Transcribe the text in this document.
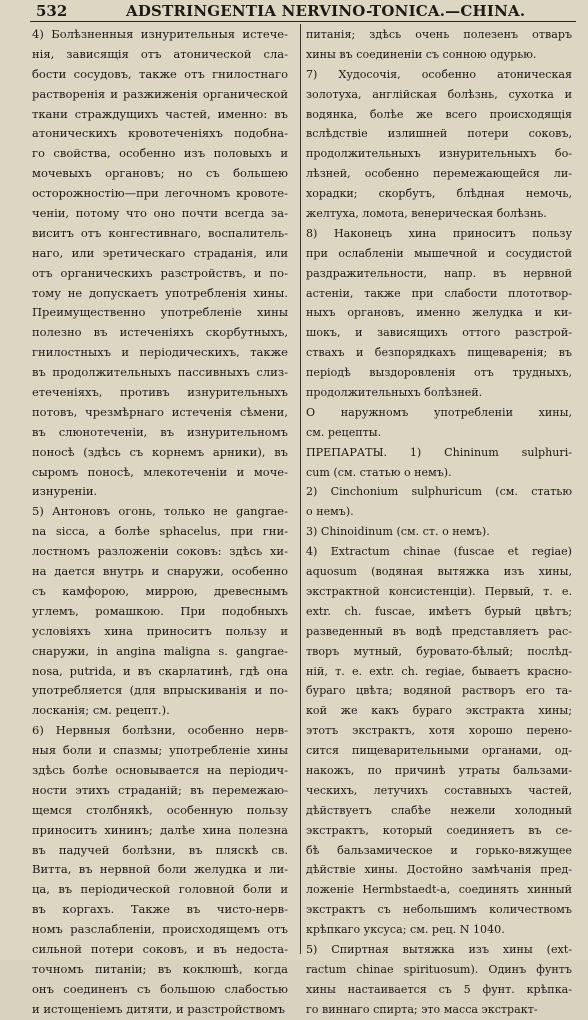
532	ADSTRINGENTIA NERVINO-TONICA.—CHINA.
4) Болѣзненныя изнурительныя истече-
нія, зависящія отъ атонической сла-
бости сосудовъ, также отъ гнилостнаго
растворенія и разжиженія органической
ткани страждущихъ частей, именно: въ
атоническихъ кровотеченіяхъ подобна-
го свойства, особенно изъ половыхъ и
мочевыхъ органовъ; но съ большею
осторожностію—при легочномъ кровоте-
ченіи, потому что оно почти всегда за-
виситъ отъ конгестивнаго, воспалитель-
наго, или эретическаго страданія, или
отъ органическихъ разстройствъ, и по-
тому не допускаетъ употребленія хины.
Преимущественно употребленіе хины
полезно въ истеченіяхъ скорбутныхъ,
гнилостныхъ и періодическихъ, также
въ продолжительныхъ пассивныхъ слиз-
етеченіяхъ, противъ изнурительныхъ
потовъ, чрезмѣрнаго истеченія сѣмени,
въ слюнотеченіи, въ изнурительномъ
поносѣ (здѣсь съ корнемъ арники), въ
сыромъ поносѣ, млекотеченіи и моче-
изнуреніи.
5) Антоновъ огонь, только не gangrae-
na sicca, а болѣе sphacelus, при гни-
лостномъ разложеніи соковъ: здѣсь хи-
на дается внутрь и снаружи, особенно
съ камфорою, миррою, древеснымъ
углемъ, ромашкою. При подобныхъ
условіяхъ хина приноситъ пользу и
снаружи, in angina maligna s. gangrae-
nosa, putrida, и въ скарлатинѣ, гдѣ она
употребляется (для впрыскиванія и по-
лосканія; см. рецепт.).
6) Нервныя болѣзни, особенно нерв-
ныя боли и спазмы; употребленіе хины
здѣсь болѣе основывается на періодич-
ности этихъ страданій; въ перемежаю-
щемся столбнякѣ, особенную пользу
приноситъ хининъ; далѣе хина полезна
въ падучей болѣзни, въ пляскѣ св.
Витта, въ нервной боли желудка и ли-
ца, въ періодической головной боли и
въ коргахъ. Также въ чисто-нерв-
номъ разслабленіи, происходящемъ отъ
сильной потери соковъ, и въ недоста-
точномъ питаніи; въ коклюшѣ, когда
онъ соединенъ съ большою слабостью
и истощеніемъ дитяти, и разстройствомъ
питанія; здѣсь очень полезенъ отваръ
хины въ соединеніи съ сонною одурью.
7) Худосочія, особенно атоническая
золотуха, англійская болѣзнь, сухотка и
водянка, болѣе же всего происходящія
вслѣдствіе излишней потери соковъ,
продолжительныхъ изнурительныхъ бо-
лѣзней, особенно перемежающейся ли-
хорадки; скорбутъ, блѣдная немочь,
желтуха, ломота, венерическая болѣзнь.
8) Наконецъ хина приноситъ пользу
при ослабленіи мышечной и сосудистой
раздражительности, напр. въ нервной
астеніи, также при слабости плототвор-
ныхъ органовъ, именно желудка и ки-
шокъ, и зависящихъ оттого разстрой-
ствахъ и безпорядкахъ пищеваренія; въ
періодѣ выздоровленія отъ трудныхъ,
продолжительныхъ болѣзней.
О наружномъ употребленіи хины,
см. рецепты.
ПРЕПАРАТЫ. 1) Chininum sulphuri-
cum (см. статью о немъ).
2) Cinchonium sulphuricum (см. статью
о немъ).
3) Chinoidinum (см. ст. о немъ).
4) Extractum chinae (fuscae et regiae)
aquosum (водяная вытяжка изъ хины,
экстрактной консистенціи). Первый, т. е.
extr. ch. fuscae, имѣетъ бурый цвѣтъ;
разведенный въ водѣ представляетъ рас-
творъ мутный, буровато-бѣлый; послѣд-
ній, т. е. extr. ch. regiae, бываетъ красно-
бураго цвѣта; водяной растворъ его та-
кой же какъ бураго экстракта хины;
этотъ экстрактъ, хотя хорошо перено-
сится пищеварительными органами, од-
накожъ, по причинѣ утраты бальзами-
ческихъ, летучихъ составныхъ частей,
дѣйствуетъ слабѣе нежели холодный
экстрактъ, который соединяетъ въ се-
бѣ бальзамическое и горько-вяжущее
дѣйствіе хины. Достойно замѣчанія пред-
ложеніе Hermbstaedt-а, соединять хинный
экстрактъ съ небольшимъ количествомъ
крѣпкаго уксуса; см. рец. N 1040.
5) Спиртная вытяжка изъ хины (ext-
ractum chinae spirituosum). Одинъ фунтъ
хины настаивается съ 5 фунт. крѣпка-
го виннаго спирта; это масса экстракт-
